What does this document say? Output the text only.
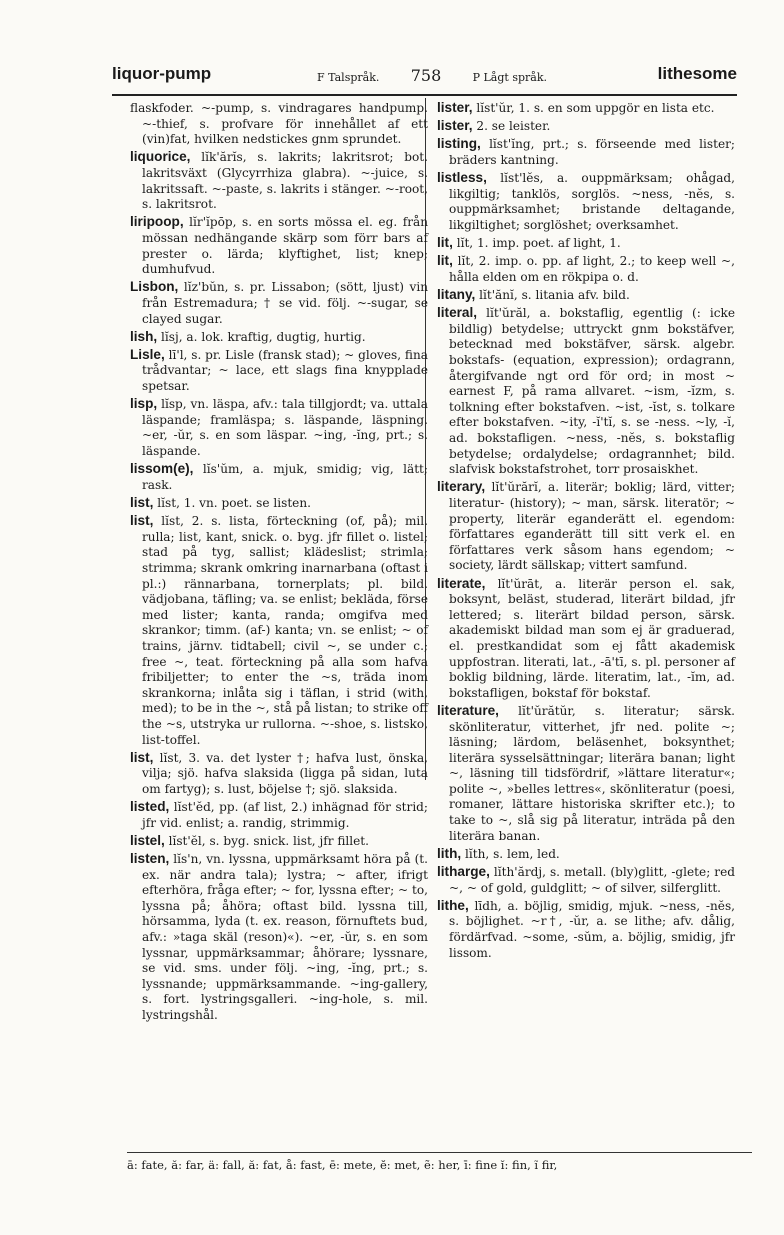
liquor-pump	F Talspråk. 758	P Lågt språk.	lithesome

flaskfoder. ~-pump, s. vindragares handpump. ~-thief, s. profvare för innehållet af ett (vin)fat, hvilken nedstickes gnm sprundet.

liquorice, lĭk'ărĭs, s. lakrits; lakritsrot; bot. lakritsväxt (Glycyrrhiza glabra). ~-juice, s. lakritssaft. ~-paste, s. lakrits i stänger. ~-root, s. lakritsrot.

liripoop, lĭr'ĭpōp, s. en sorts mössa el. eg. från mössan nedhängande skärp som förr bars af prester o. lärda; klyftighet, list; knep; dumhufvud.

Lisbon, lĭz'bŭn, s. pr. Lissabon; (sött, ljust) vin från Estremadura; † se vid. följ. ~-sugar, se clayed sugar.

lish, lĭsj, a. lok. kraftig, dugtig, hurtig.

Lisle, lī'l, s. pr. Lisle (fransk stad); ~ gloves, fina trådvantar; ~ lace, ett slags fina knypplade spetsar.

lisp, lĭsp, vn. läspa, afv.: tala tillgjordt; va. uttala läspande; framläspa; s. läspande, läspning. ~er, -ŭr, s. en som läspar. ~ing, -ĭng, prt.; s. läspande.

lissom(e), lĭs'ŭm, a. mjuk, smidig; vig, lätt; rask.

list, lĭst, 1. vn. poet. se listen.

list, lĭst, 2. s. lista, förteckning (of, på); mil. rulla; list, kant, snick. o. byg. jfr fillet o. listel; stad på tyg, sallist; klädeslist; strimla; strimma; skrank omkring inarnarbana (oftast i pl.:) rännarbana, tornerplats; pl. bild. vädjobana, täfling; va. se enlist; bekläda, förse med lister; kanta, randa; omgifva med skrankor; timm. (af-) kanta; vn. se enlist; ~ of trains, järnv. tidtabell; civil ~, se under c.; free ~, teat. förteckning på alla som hafva fribiljetter; to enter the ~s, träda inom skrankorna; inlåta sig i täflan, i strid (with, med); to be in the ~, stå på listan; to strike off the ~s, utstryka ur rullorna. ~-shoe, s. listsko, list-toffel.

list, lĭst, 3. va. det lyster †; hafva lust, önska, vilja; sjö. hafva slaksida (ligga på sidan, luta om fartyg); s. lust, böjelse †; sjö. slaksida.

listed, lĭst'ĕd, pp. (af list, 2.) inhägnad för strid; jfr vid. enlist; a. randig, strimmig.

listel, lĭst'ĕl, s. byg. snick. list, jfr fillet.

listen, lĭs'n, vn. lyssna, uppmärksamt höra på (t. ex. när andra tala); lystra; ~ after, ifrigt efterhöra, fråga efter; ~ for, lyssna efter; ~ to, lyssna på; åhöra; oftast bild. lyssna till, hörsamma, lyda (t. ex. reason, förnuftets bud, afv.: »taga skäl (reson)«). ~er, -ŭr, s. en som lyssnar, uppmärksammar; åhörare; lyssnare, se vid. sms. under följ. ~ing, -ĭng, prt.; s. lyssnande; uppmärksammande. ~ing-gallery, s. fort. lystringsgalleri. ~ing-hole, s. mil. lystringshål.

lister, lĭst'ŭr, 1. s. en som uppgör en lista etc.

lister, 2. se leister.

listing, lĭst'ĭng, prt.; s. förseende med lister; bräders kantning.

listless, lĭst'lĕs, a. ouppmärksam; ohågad, likgiltig; tanklös, sorglös. ~ness, -nĕs, s. ouppmärksamhet; bristande deltagande, likgiltighet; sorglöshet; overksamhet.

lit, lĭt, 1. imp. poet. af light, 1.

lit, lĭt, 2. imp. o. pp. af light, 2.; to keep well ~, hålla elden om en rökpipa o. d.

litany, lĭt'ănĭ, s. litania afv. bild.

literal, lĭt'ŭrăl, a. bokstaflig, egentlig (: icke bildlig) betydelse; uttryckt gnm bokstäfver, betecknad med bokstäfver, särsk. algebr. bokstafs- (equation, expression); ordagrann, återgifvande ngt ord för ord; in most ~ earnest F, på rama allvaret. ~ism, -ĭzm, s. tolkning efter bokstafven. ~ist, -ĭst, s. tolkare efter bokstafven. ~ity, -ĭ'tĭ, s. se -ness. ~ly, -ĭ, ad. bokstafligen. ~ness, -nĕs, s. bokstaflig betydelse; ordalydelse; ordagrannhet; bild. slafvisk bokstafstrohet, torr prosaiskhet.

literary, lĭt'ŭrărĭ, a. literär; boklig; lärd, vitter; literatur- (history); ~ man, särsk. literatör; ~ property, literär eganderätt el. egendom: författares eganderätt till sitt verk el. en författares verk såsom hans egendom; ~ society, lärdt sällskap; vittert samfund.

literate, lĭt'ŭrāt, a. literär person el. sak, boksynt, beläst, studerad, literärt bildad, jfr lettered; s. literärt bildad person, särsk. akademiskt bildad man som ej är graduerad, el. prestkandidat som ej fått akademisk uppfostran. literati, lat., -ā'tī, s. pl. personer af boklig bildning, lärde. literatim, lat., -ĭm, ad. bokstafligen, bokstaf för bokstaf.

literature, lĭt'ŭrătŭr, s. literatur; särsk. skönliteratur, vitterhet, jfr ned. polite ~; läsning; lärdom, beläsenhet, boksynthet; literära sysselsättningar; literära banan; light ~, läsning till tidsfördrif, »lättare literatur«; polite ~, »belles lettres«, skönliteratur (poesi, romaner, lättare historiska skrifter etc.); to take to ~, slå sig på literatur, inträda på den literära banan.

lith, lĭth, s. lem, led.

litharge, lĭth'ărdj, s. metall. (bly)glitt, -glete; red ~, ~ of gold, guldglitt; ~ of silver, silferglitt.

lithe, līdh, a. böjlig, smidig, mjuk. ~ness, -nĕs, s. böjlighet. ~r†, -ŭr, a. se lithe; afv. dålig, fördärfvad. ~some, -sŭm, a. böjlig, smidig, jfr lissom.

ā: fate, ă: far, ä: fall, ă: fat, å: fast, ē: mete, ĕ: met, ẽ: her, ī: fine ĭ: fin, ĩ fir,
